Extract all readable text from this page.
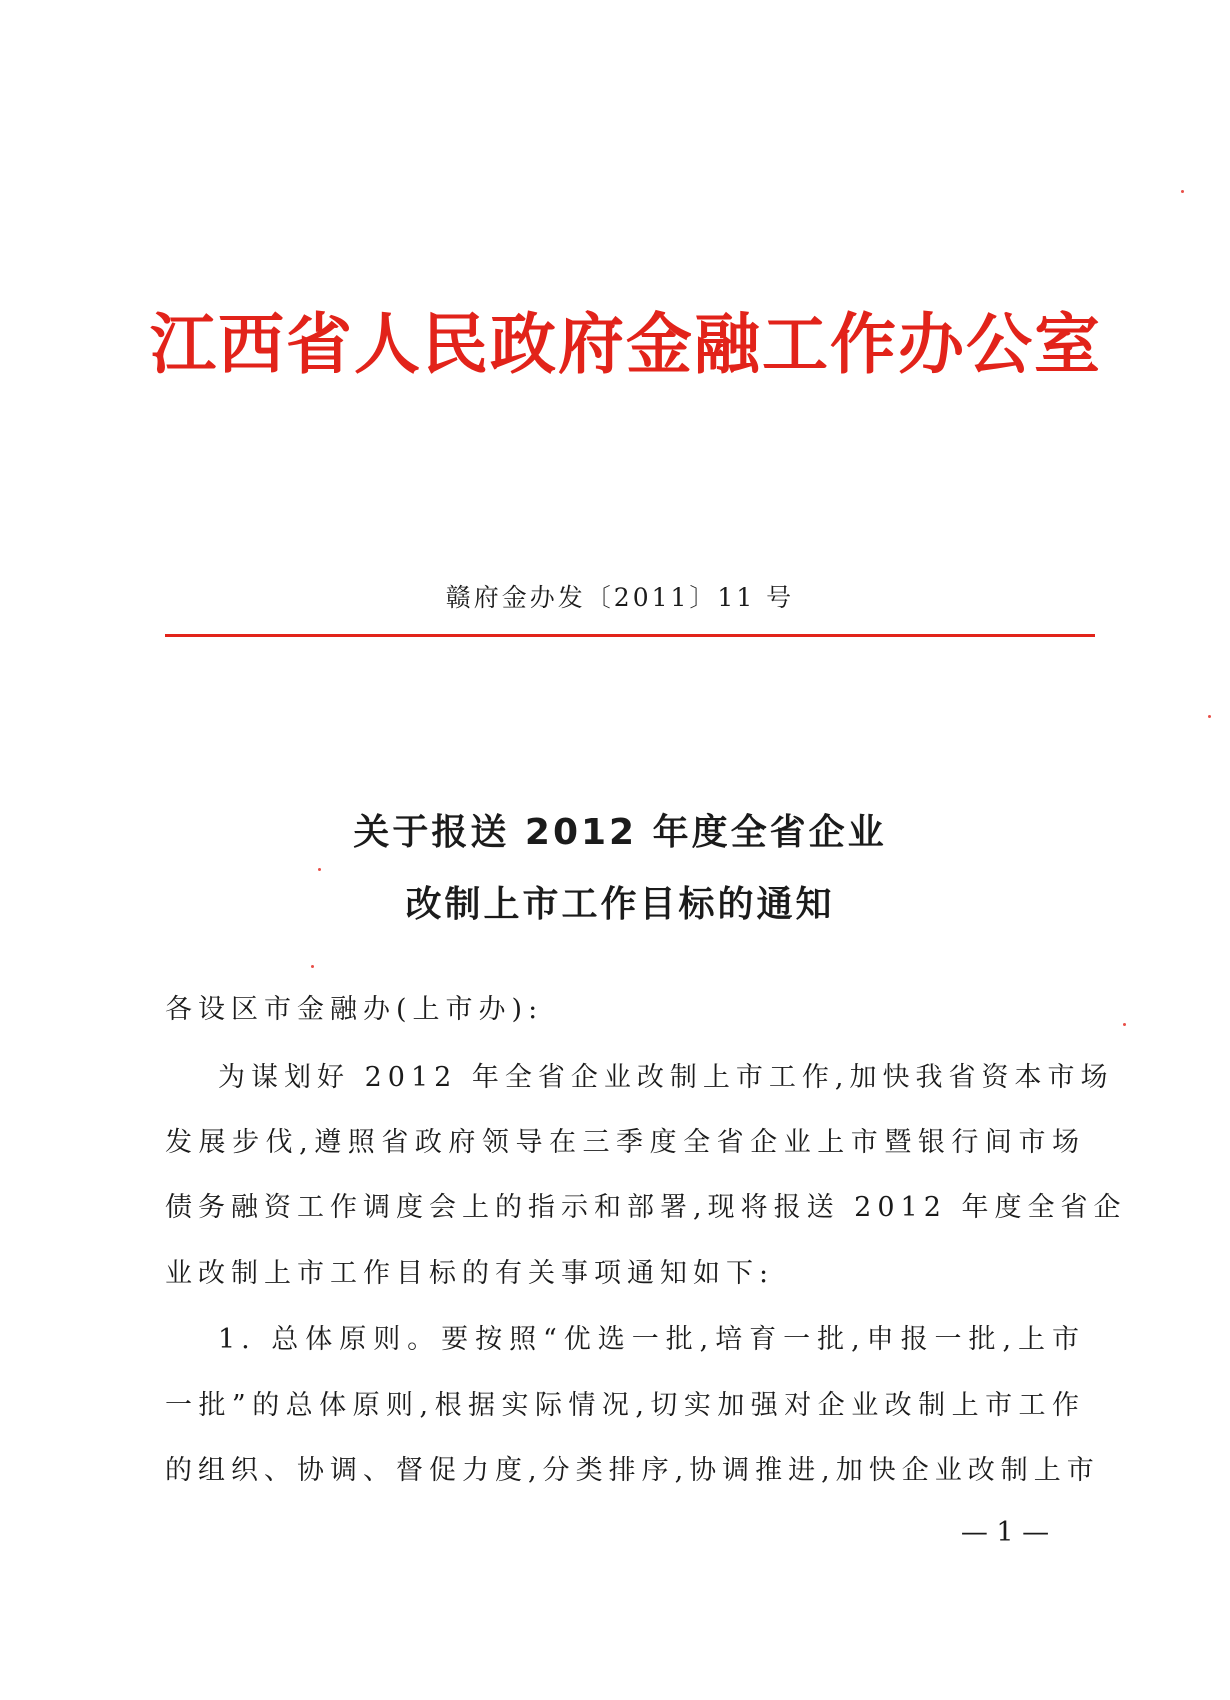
江西省人民政府金融工作办公室
赣府金办发〔2011〕11 号
关于报送 2012 年度全省企业
改制上市工作目标的通知
各设区市金融办(上市办):
为谋划好 2012 年全省企业改制上市工作,加快我省资本市场
发展步伐,遵照省政府领导在三季度全省企业上市暨银行间市场
债务融资工作调度会上的指示和部署,现将报送 2012 年度全省企
业改制上市工作目标的有关事项通知如下:
1. 总体原则。要按照“优选一批,培育一批,申报一批,上市
一批”的总体原则,根据实际情况,切实加强对企业改制上市工作
的组织、协调、督促力度,分类排序,协调推进,加快企业改制上市
— 1 —
